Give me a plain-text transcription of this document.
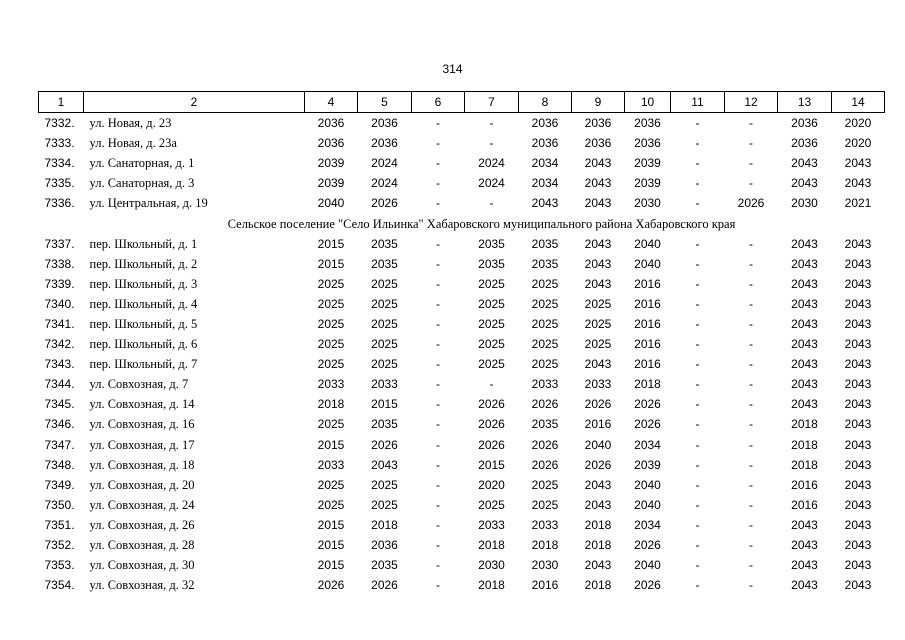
314
1	2	4	5	6	7	8	9	10	11	12	13	14
7332.	ул. Новая, д. 23	2036	2036	-	-	2036	2036	2036	-	-	2036	2020
7333.	ул. Новая, д. 23а	2036	2036	-	-	2036	2036	2036	-	-	2036	2020
7334.	ул. Санаторная, д. 1	2039	2024	-	2024	2034	2043	2039	-	-	2043	2043
7335.	ул. Санаторная, д. 3	2039	2024	-	2024	2034	2043	2039	-	-	2043	2043
7336.	ул. Центральная, д. 19	2040	2026	-	-	2043	2043	2030	-	2026	2030	2021
Сельское поселение "Село Ильинка" Хабаровского муниципального района Хабаровского края												
7337.	пер. Школьный, д. 1	2015	2035	-	2035	2035	2043	2040	-	-	2043	2043
7338.	пер. Школьный, д. 2	2015	2035	-	2035	2035	2043	2040	-	-	2043	2043
7339.	пер. Школьный, д. 3	2025	2025	-	2025	2025	2043	2016	-	-	2043	2043
7340.	пер. Школьный, д. 4	2025	2025	-	2025	2025	2025	2016	-	-	2043	2043
7341.	пер. Школьный, д. 5	2025	2025	-	2025	2025	2025	2016	-	-	2043	2043
7342.	пер. Школьный, д. 6	2025	2025	-	2025	2025	2025	2016	-	-	2043	2043
7343.	пер. Школьный, д. 7	2025	2025	-	2025	2025	2043	2016	-	-	2043	2043
7344.	ул. Совхозная, д. 7	2033	2033	-	-	2033	2033	2018	-	-	2043	2043
7345.	ул. Совхозная, д. 14	2018	2015	-	2026	2026	2026	2026	-	-	2043	2043
7346.	ул. Совхозная, д. 16	2025	2035	-	2026	2035	2016	2026	-	-	2018	2043
7347.	ул. Совхозная, д. 17	2015	2026	-	2026	2026	2040	2034	-	-	2018	2043
7348.	ул. Совхозная, д. 18	2033	2043	-	2015	2026	2026	2039	-	-	2018	2043
7349.	ул. Совхозная, д. 20	2025	2025	-	2020	2025	2043	2040	-	-	2016	2043
7350.	ул. Совхозная, д. 24	2025	2025	-	2025	2025	2043	2040	-	-	2016	2043
7351.	ул. Совхозная, д. 26	2015	2018	-	2033	2033	2018	2034	-	-	2043	2043
7352.	ул. Совхозная, д. 28	2015	2036	-	2018	2018	2018	2026	-	-	2043	2043
7353.	ул. Совхозная, д. 30	2015	2035	-	2030	2030	2043	2040	-	-	2043	2043
7354.	ул. Совхозная, д. 32	2026	2026	-	2018	2016	2018	2026	-	-	2043	2043
